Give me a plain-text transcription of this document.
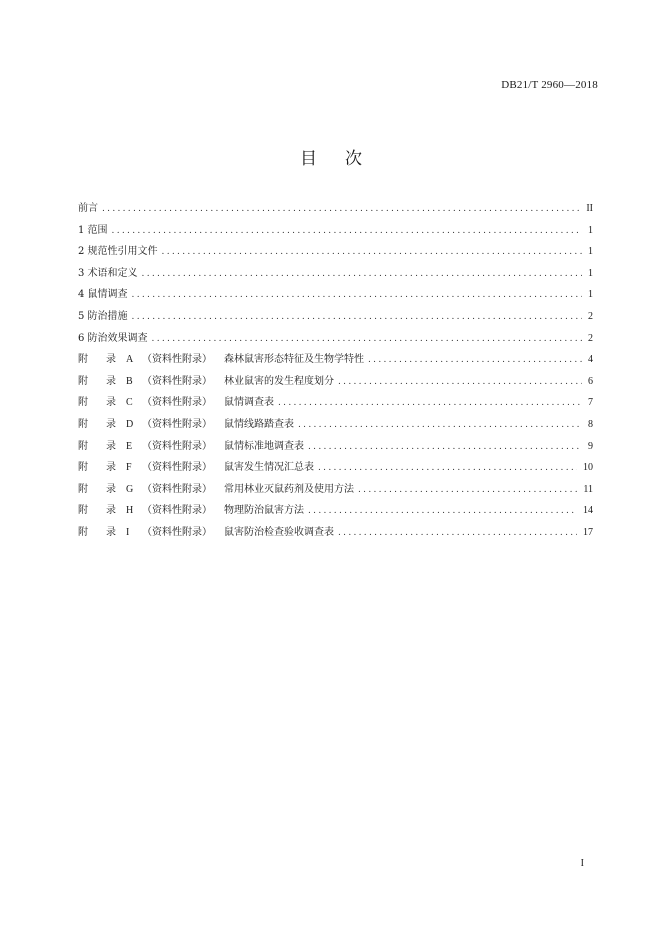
DB21/T 2960—2018
目 次
前言 .....	II
1 范围 .....	1
2 规范性引用文件 .....	1
3 术语和定义 .....	1
4 鼠情调查 .....	1
5 防治措施 .....	2
6 防治效果调查 .....	2
附 录 A （资料性附录） 森林鼠害形态特征及生物学特性 .....	4
附 录 B （资料性附录） 林业鼠害的发生程度划分 .....	6
附 录 C （资料性附录） 鼠情调查表 .....	7
附 录 D （资料性附录） 鼠情线路踏查表 .....	8
附 录 E （资料性附录） 鼠情标准地调查表 .....	9
附 录 F （资料性附录） 鼠害发生情况汇总表 .....	10
附 录 G （资料性附录） 常用林业灭鼠药剂及使用方法 .....	11
附 录 H （资料性附录） 物理防治鼠害方法 .....	14
附 录 I （资料性附录） 鼠害防治检查验收调查表 .....	17
I
